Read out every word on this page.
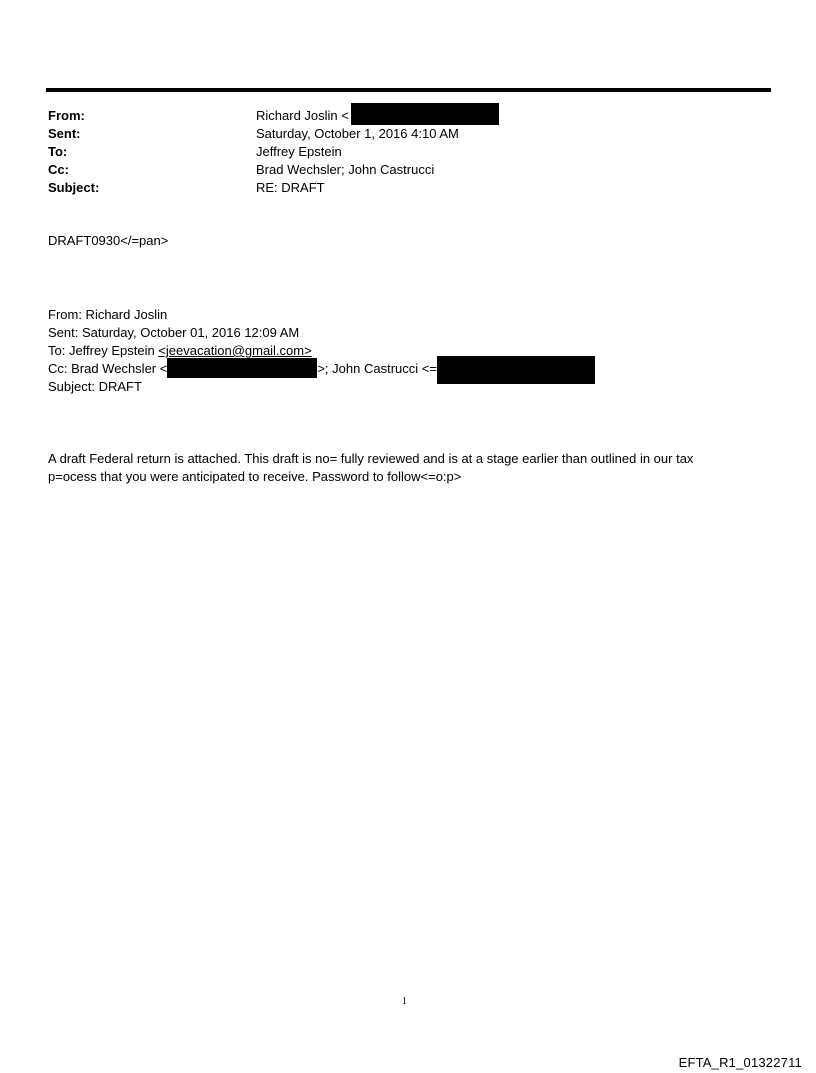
From:	Richard Joslin <
Sent:	Saturday, October 1, 2016 4:10 AM
To:	Jeffrey Epstein
Cc:	Brad Wechsler; John Castrucci
Subject:	RE: DRAFT
DRAFT0930</=pan>
From: Richard Joslin
Sent: Saturday, October 01, 2016 12:09 AM
To: Jeffrey Epstein <jeevacation@gmail.com>
Cc: Brad Wechsler <	>; John Castrucci <=
Subject: DRAFT
A draft Federal return is attached. This draft is no= fully reviewed and is at a stage earlier than outlined in our tax
p=ocess that you were anticipated to receive. Password to follow<=o:p>
1
EFTA_R1_01322711
